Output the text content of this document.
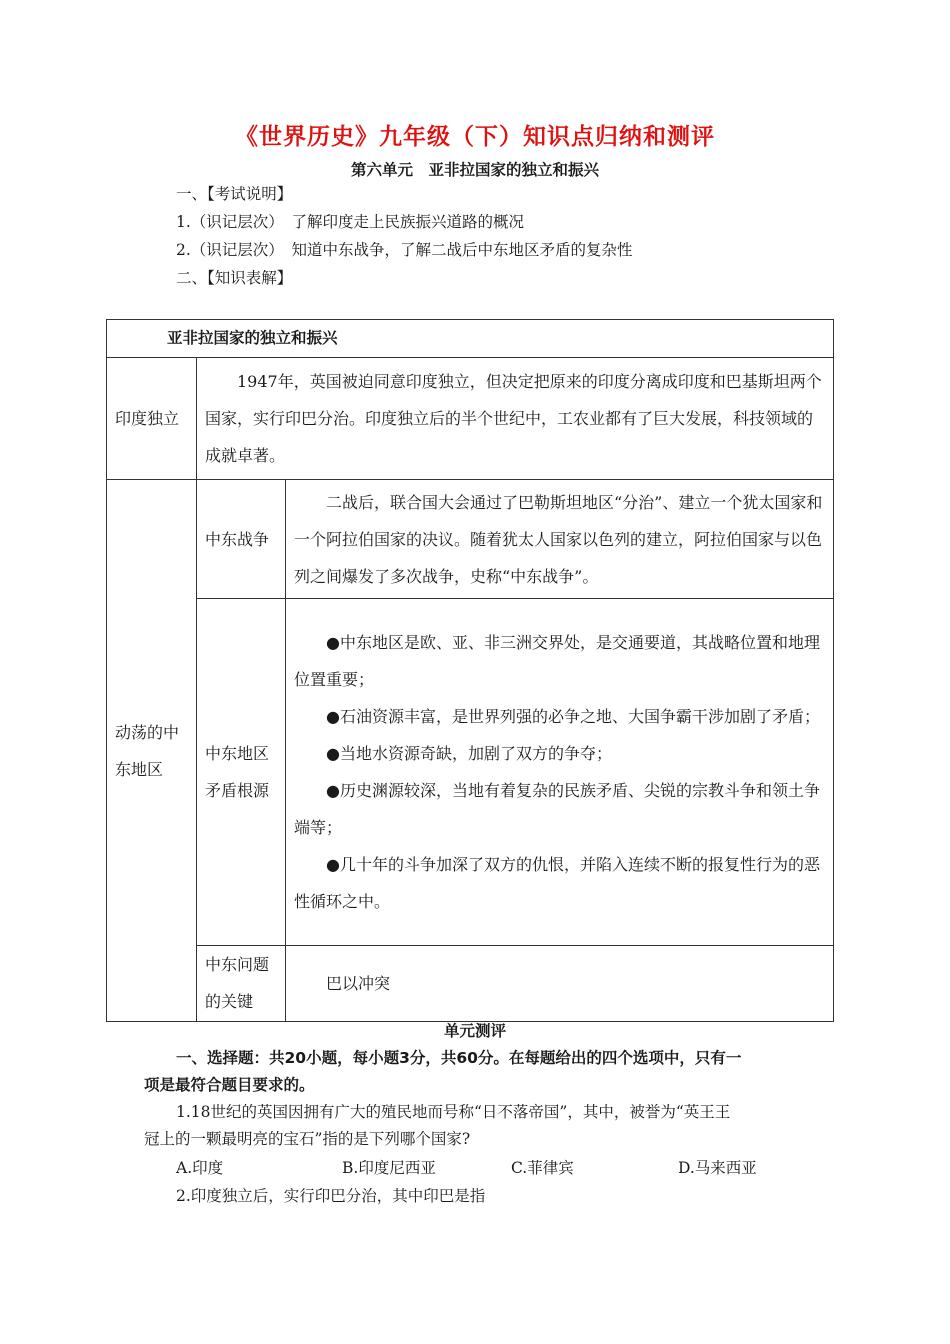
《世界历史》九年级（下）知识点归纳和测评
第六单元　亚非拉国家的独立和振兴
一、【考试说明】
1.（识记层次）　了解印度走上民族振兴道路的概况
2.（识记层次）　知道中东战争，了解二战后中东地区矛盾的复杂性
二、【知识表解】
亚非拉国家的独立和振兴		
印度独立	1947年，英国被迫同意印度独立，但决定把原来的印度分离成印度和巴基斯坦两个国家，实行印巴分治。印度独立后的半个世纪中，工农业都有了巨大发展，科技领域的成就卓著。	

动荡的中东地区	中东战争	二战后，联合国大会通过了巴勒斯坦地区“分治”、建立一个犹太国家和一个阿拉伯国家的决议。随着犹太人国家以色列的建立，阿拉伯国家与以色列之间爆发了多次战争，史称“中东战争”。

	中东地区矛盾根源	●中东地区是欧、亚、非三洲交界处，是交通要道，其战略位置和地理位置重要；
●石油资源丰富，是世界列强的必争之地、大国争霸干涉加剧了矛盾；
●当地水资源奇缺，加剧了双方的争夺；
●历史渊源较深，当地有着复杂的民族矛盾、尖锐的宗教斗争和领土争端等；
●几十年的斗争加深了双方的仇恨，并陷入连续不断的报复性行为的恶性循环之中。

	中东问题的关键	巴以冲突
单元测评
一、选择题：共20小题，每小题3分，共60分。在每题给出的四个选项中，只有一
项是最符合题目要求的。
1.18世纪的英国因拥有广大的殖民地而号称“日不落帝国”，其中，被誉为“英王王
冠上的一颗最明亮的宝石”指的是下列哪个国家?
A.印度	B.印度尼西亚	C.菲律宾	D.马来西亚
2.印度独立后，实行印巴分治，其中印巴是指
